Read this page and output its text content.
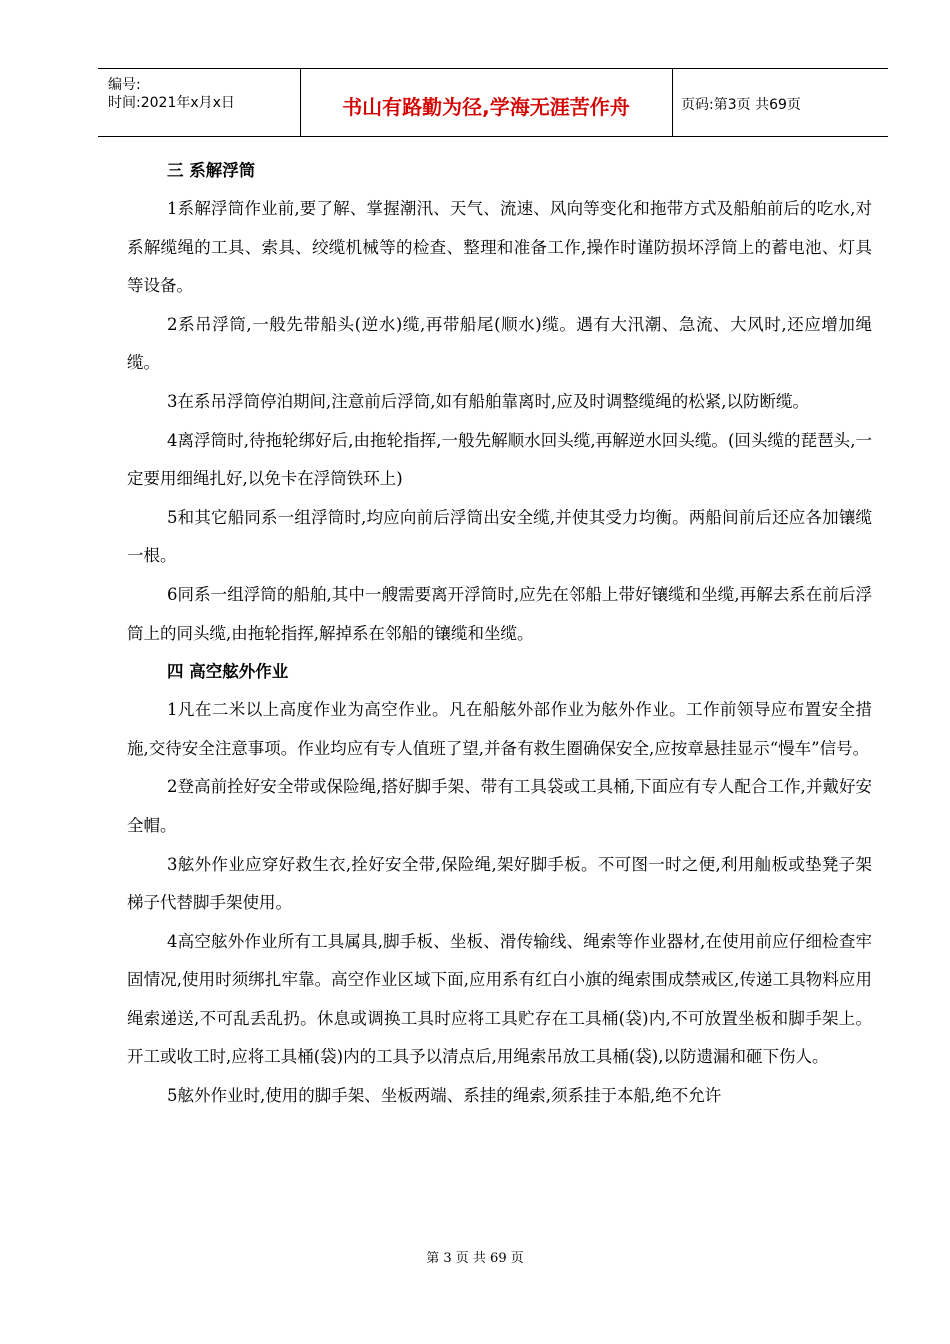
编号:
时间:2021年x月x日	书山有路勤为径,学海无涯苦作舟	页码:第3页 共69页
三 系解浮筒

1系解浮筒作业前,要了解、掌握潮汛、天气、流速、风向等变化和拖带方式及船舶前后的吃水,对系解缆绳的工具、索具、绞缆机械等的检查、整理和准备工作,操作时谨防损坏浮筒上的蓄电池、灯具等设备。

2系吊浮筒,一般先带船头(逆水)缆,再带船尾(顺水)缆。遇有大汛潮、急流、大风时,还应增加绳缆。

3在系吊浮筒停泊期间,注意前后浮筒,如有船舶靠离时,应及时调整缆绳的松紧,以防断缆。

4离浮筒时,待拖轮绑好后,由拖轮指挥,一般先解顺水回头缆,再解逆水回头缆。(回头缆的琵琶头,一定要用细绳扎好,以免卡在浮筒铁环上)

5和其它船同系一组浮筒时,均应向前后浮筒出安全缆,并使其受力均衡。两船间前后还应各加镶缆一根。

6同系一组浮筒的船舶,其中一艘需要离开浮筒时,应先在邻船上带好镶缆和坐缆,再解去系在前后浮筒上的同头缆,由拖轮指挥,解掉系在邻船的镶缆和坐缆。

四 高空舷外作业

1凡在二米以上高度作业为高空作业。凡在船舷外部作业为舷外作业。工作前领导应布置安全措施,交待安全注意事项。作业均应有专人值班了望,并备有救生圈确保安全,应按章悬挂显示“慢车”信号。

2登高前拴好安全带或保险绳,搭好脚手架、带有工具袋或工具桶,下面应有专人配合工作,并戴好安全帽。

3舷外作业应穿好救生衣,拴好安全带,保险绳,架好脚手板。不可图一时之便,利用舢板或垫凳子架梯子代替脚手架使用。

4高空舷外作业所有工具属具,脚手板、坐板、滑传输线、绳索等作业器材,在使用前应仔细检查牢固情况,使用时须绑扎牢靠。高空作业区域下面,应用系有红白小旗的绳索围成禁戒区,传递工具物料应用绳索递送,不可乱丢乱扔。休息或调换工具时应将工具贮存在工具桶(袋)内,不可放置坐板和脚手架上。开工或收工时,应将工具桶(袋)内的工具予以清点后,用绳索吊放工具桶(袋),以防遗漏和砸下伤人。

5舷外作业时,使用的脚手架、坐板两端、系挂的绳索,须系挂于本船,绝不允许

第 3 页 共 69 页
